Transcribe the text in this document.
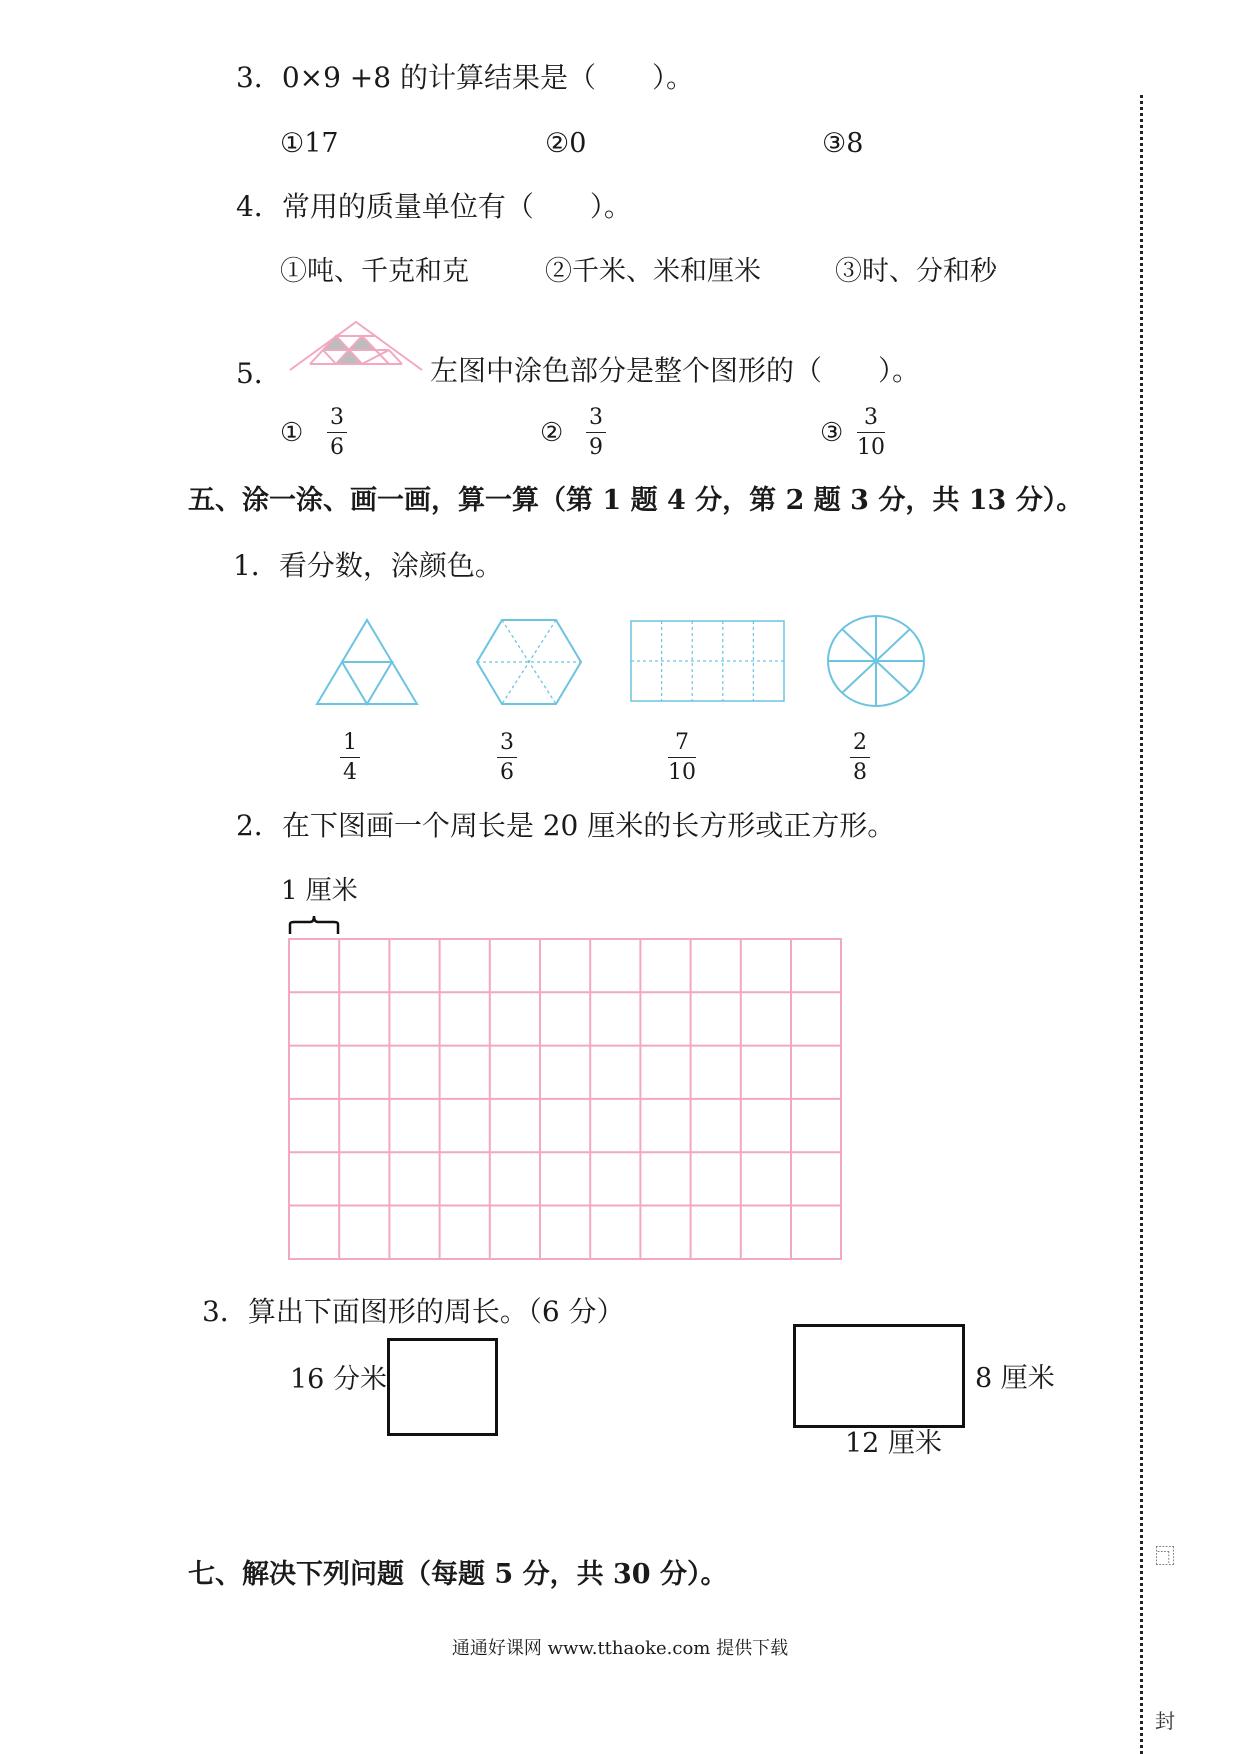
3．0×9 +8 的计算结果是（　　）。
①17	②0	③8
4．常用的质量单位有（　　）。
①吨、千克和克	②千米、米和厘米	③时、分和秒
5．	左图中涂色部分是整个图形的（　　）。
①
3
6	②
3
9	③
3
10
五、涂一涂、画一画，算一算（第 1 题 4 分，第 2 题 3 分，共 13 分）。
1．看分数，涂颜色。
1
4
3
6
7
10
2
8
2．在下图画一个周长是 20 厘米的长方形或正方形。
1 厘米
3．算出下面图形的周长。（6 分）
16 分米	8 厘米
12 厘米
七、解决下列问题（每题 5 分，共 30 分）。
通通好课网 www.tthaoke.com 提供下载
⿹
封
